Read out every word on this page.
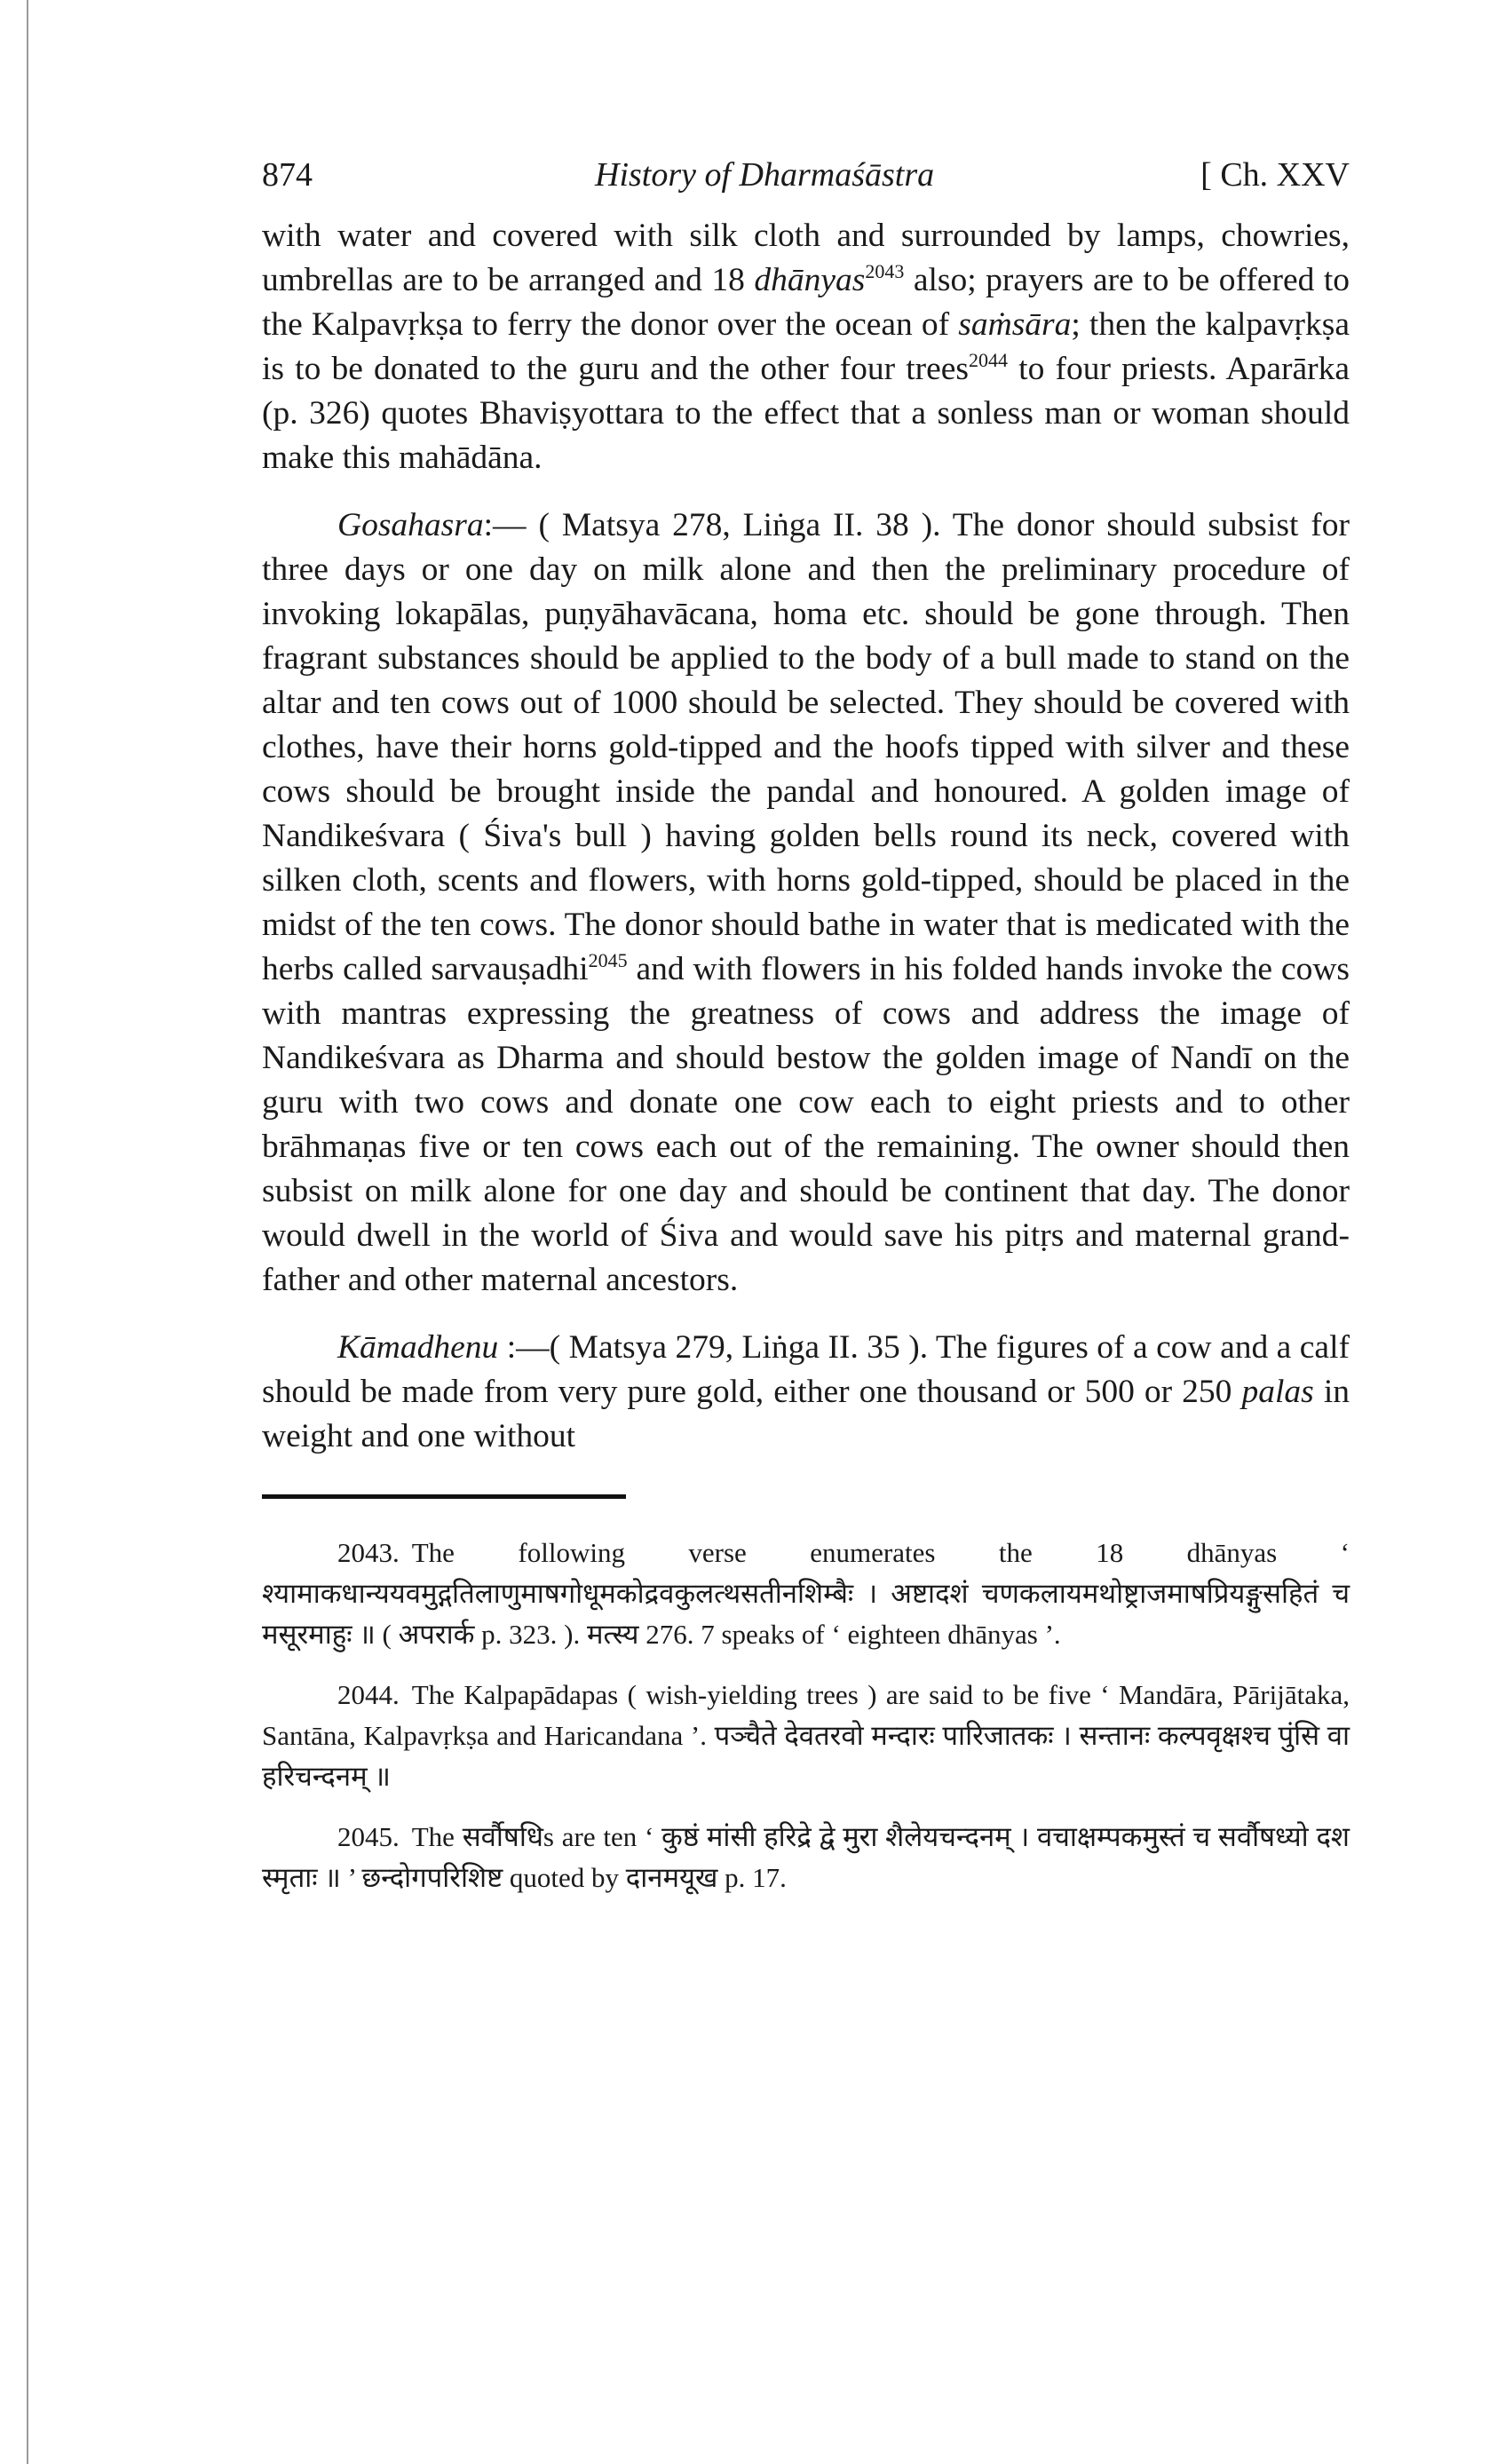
874	History of Dharmaśāstra	[ Ch. XXV

with water and covered with silk cloth and surrounded by lamps, chowries, umbrellas are to be arranged and 18 dhānyas$^{2043}$ also; prayers are to be offered to the Kalpavṛkṣa to ferry the donor over the ocean of saṁsāra; then the kalpavṛkṣa is to be donated to the guru and the other four trees$^{2044}$ to four priests. Aparārka (p. 326) quotes Bhaviṣyottara to the effect that a sonless man or woman should make this mahādāna.

Gosahasra:— ( Matsya 278, Liṅga II. 38 ). The donor should subsist for three days or one day on milk alone and then the preliminary procedure of invoking lokapālas, puṇyāhavācana, homa etc. should be gone through. Then fragrant substances should be applied to the body of a bull made to stand on the altar and ten cows out of 1000 should be selected. They should be covered with clothes, have their horns gold-tipped and the hoofs tipped with silver and these cows should be brought inside the pandal and honoured. A golden image of Nandikeśvara ( Śiva's bull ) having golden bells round its neck, covered with silken cloth, scents and flowers, with horns gold-tipped, should be placed in the midst of the ten cows. The donor should bathe in water that is medicated with the herbs called sarvauṣadhi$^{2045}$ and with flowers in his folded hands invoke the cows with mantras expressing the greatness of cows and address the image of Nandikeśvara as Dharma and should bestow the golden image of Nandī on the guru with two cows and donate one cow each to eight priests and to other brāhmaṇas five or ten cows each out of the remaining. The owner should then subsist on milk alone for one day and should be continent that day. The donor would dwell in the world of Śiva and would save his pitṛs and maternal grand-father and other maternal ancestors.

Kāmadhenu :—( Matsya 279, Liṅga II. 35 ). The figures of a cow and a calf should be made from very pure gold, either one thousand or 500 or 250 palas in weight and one without

2043. The following verse enumerates the 18 dhānyas ‘ श्यामाकधान्ययवमुद्गतिलाणुमाषगोधूमकोद्रवकुलत्थसतीनशिम्बैः । अष्टादशं चणकलायमथोष्ट्राजमाषप्रियङ्गुसहितं च मसूरमाहुः ॥ ( अपरार्क p. 323. ). मत्स्य 276. 7 speaks of ‘ eighteen dhānyas ’.

2044. The Kalpapādapas ( wish-yielding trees ) are said to be five ‘ Mandāra, Pārijātaka, Santāna, Kalpavṛkṣa and Haricandana ’. पञ्चैते देवतरवो मन्दारः पारिजातकः । सन्तानः कल्पवृक्षश्च पुंसि वा हरिचन्दनम् ॥

2045. The सर्वौषधिs are ten ‘ कुष्ठं मांसी हरिद्रे द्वे मुरा शैलेयचन्दनम् । वचाक्षम्पकमुस्तं च सर्वौषध्यो दश स्मृताः ॥ ’ छन्दोगपरिशिष्ट quoted by दानमयूख p. 17.
